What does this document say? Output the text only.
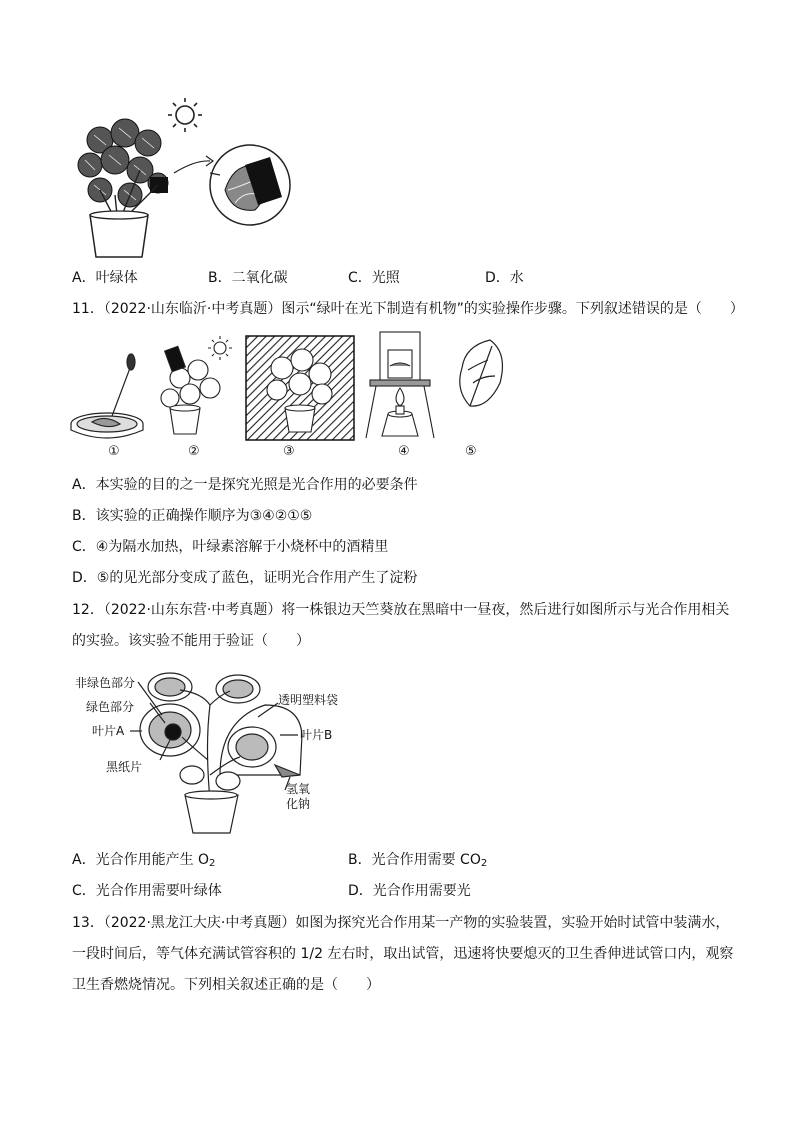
A．叶绿体	B．二氧化碳	C．光照	D．水
11．（2022·山东临沂·中考真题）图示“绿叶在光下制造有机物”的实验操作步骤。下列叙述错误的是（　　）
①	②	③	④	⑤
A．本实验的目的之一是探究光照是光合作用的必要条件
B．该实验的正确操作顺序为③④②①⑤
C．④为隔水加热，叶绿素溶解于小烧杯中的酒精里
D．⑤的见光部分变成了蓝色，证明光合作用产生了淀粉
12．（2022·山东东营·中考真题）将一株银边天竺葵放在黑暗中一昼夜，然后进行如图所示与光合作用相关
的实验。该实验不能用于验证（　　）
非绿色部分
绿色部分
叶片A
黑纸片
透明塑料袋
叶片B
氢氧
化钠
A．光合作用能产生 $O_2$	B．光合作用需要 $CO_2$
C．光合作用需要叶绿体	D．光合作用需要光
13．（2022·黑龙江大庆·中考真题）如图为探究光合作用某一产物的实验装置，实验开始时试管中装满水，
一段时间后，等气体充满试管容积的 1/2 左右时，取出试管，迅速将快要熄灭的卫生香伸进试管口内，观察
卫生香燃烧情况。下列相关叙述正确的是（　　）
